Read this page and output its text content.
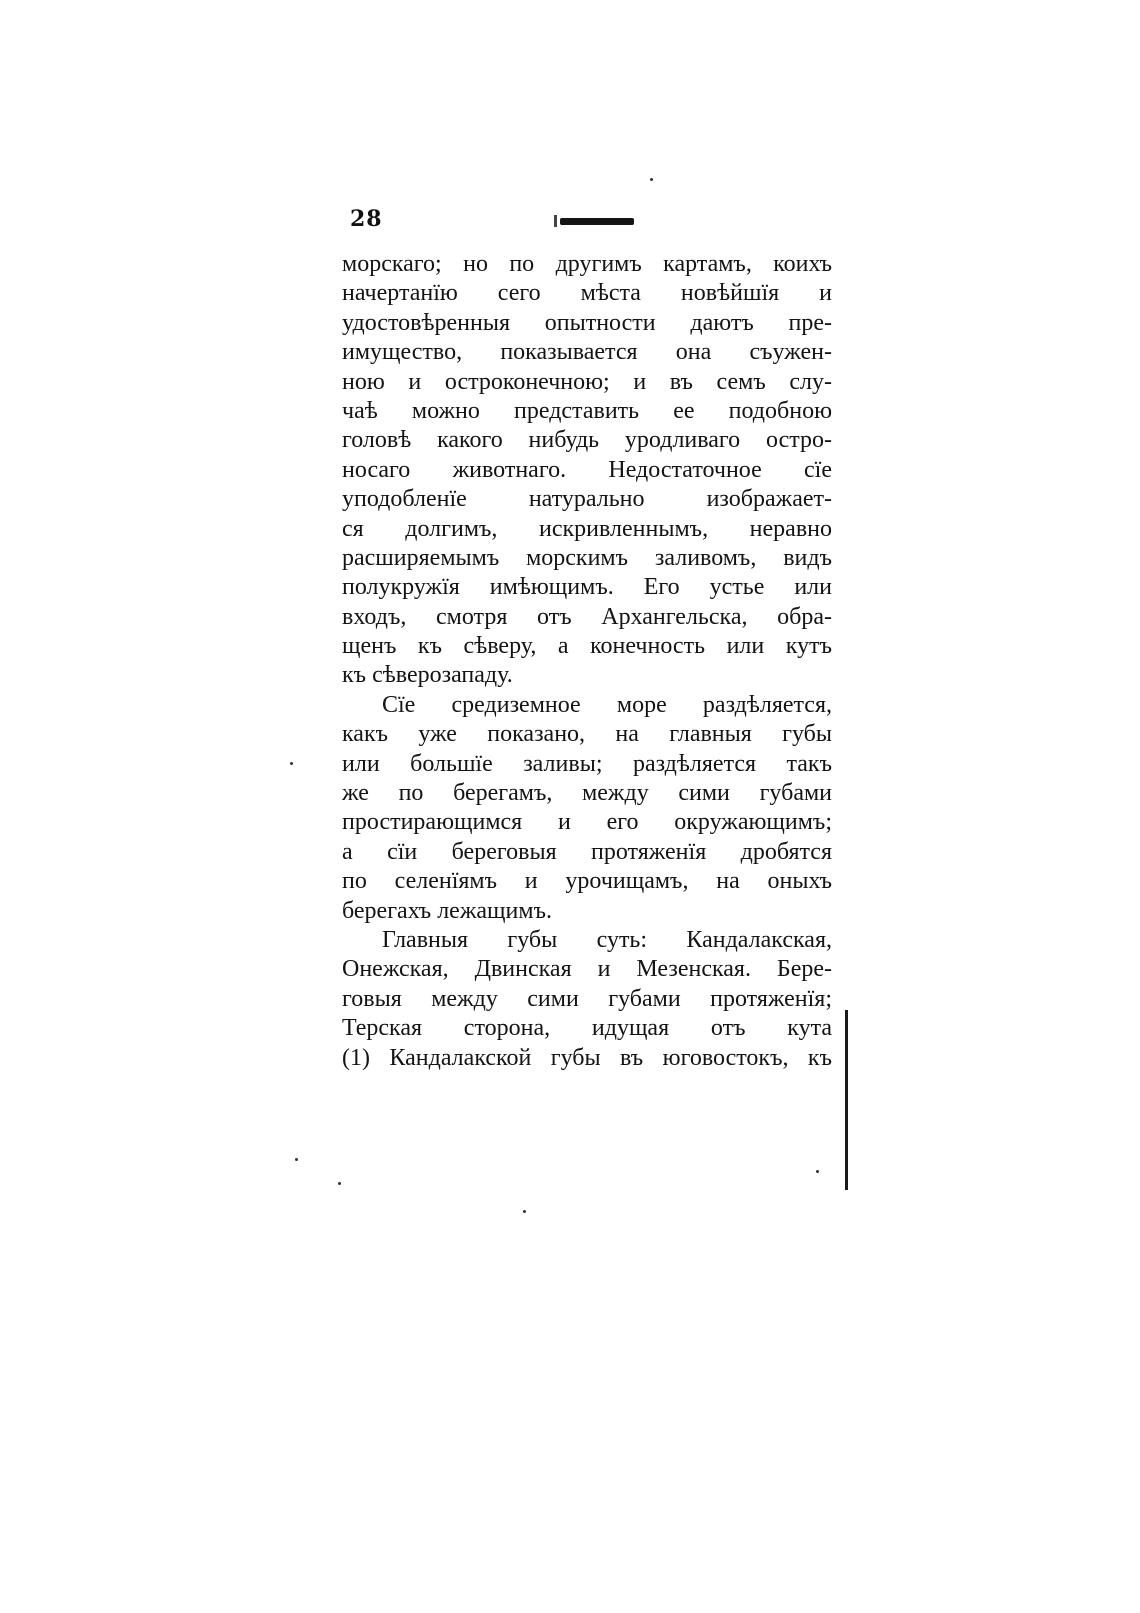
28
морскаго; но по другимъ картамъ, коихъ
начертанїю сего мѣста новѣйшїя и
удостовѣренныя опытности даютъ пре-
имущество, показывается она съужен-
ною и остроконечною; и въ семъ слу-
чаѣ можно представить ее подобною
головѣ какого нибудь уродливаго остро-
носаго животнаго. Недостаточное сїе
уподобленїе натурально изображает-
ся долгимъ, искривленнымъ, неравно
расширяемымъ морскимъ заливомъ, видъ
полукружїя имѣющимъ. Его устье или
входъ, смотря отъ Архангельска, обра-
щенъ къ сѣверу, а конечность или кутъ
къ сѣверозападу.
Сїе средиземное море раздѣляется,
какъ уже показано, на главныя губы
или большїе заливы; раздѣляется такъ
же по берегамъ, между сими губами
простирающимся и его окружающимъ;
а сїи береговыя протяженїя дробятся
по селенїямъ и урочищамъ, на оныхъ
берегахъ лежащимъ.
Главныя губы суть: Кандалакская,
Онежская, Двинская и Мезенская. Бере-
говыя между сими губами протяженїя;
Терская сторона, идущая отъ кута
(1) Кандалакской губы въ юговостокъ, къ
